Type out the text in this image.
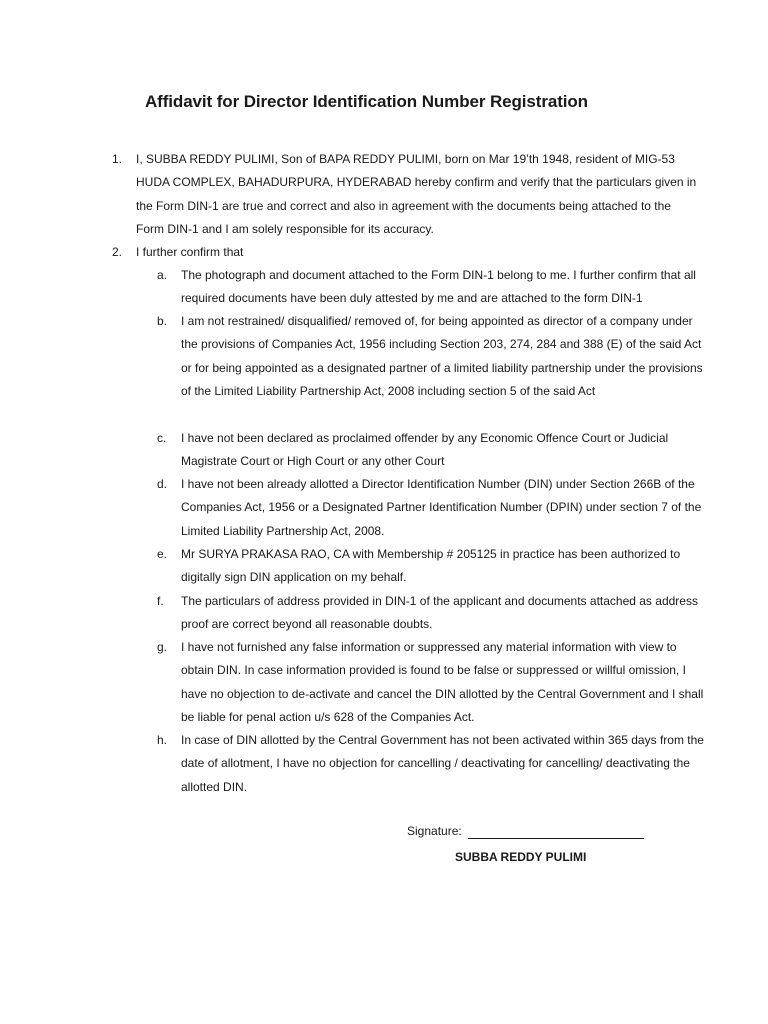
Affidavit for Director Identification Number Registration
1.	I, SUBBA REDDY PULIMI, Son of BAPA REDDY PULIMI, born on Mar 19’th 1948, resident of MIG-53 HUDA COMPLEX, BAHADURPURA, HYDERABAD hereby confirm and verify that the particulars given in the Form DIN-1 are true and correct and also in agreement with the documents being attached to the Form DIN-1 and I am solely responsible for its accuracy.
2.	I further confirm that
a.	The photograph and document attached to the Form DIN-1 belong to me. I further confirm that all required documents have been duly attested by me and are attached to the form DIN-1
b.	I am not restrained/ disqualified/ removed of, for being appointed as director of a company under the provisions of Companies Act, 1956 including Section 203, 274, 284 and 388 (E) of the said Act or for being appointed as a designated partner of a limited liability partnership under the provisions of the Limited Liability Partnership Act, 2008 including section 5 of the said Act
c.	I have not been declared as proclaimed offender by any Economic Offence Court or Judicial Magistrate Court or High Court or any other Court
d.	I have not been already allotted a Director Identification Number (DIN) under Section 266B of the Companies Act, 1956 or a Designated Partner Identification Number (DPIN) under section 7 of the Limited Liability Partnership Act, 2008.
e.	Mr SURYA PRAKASA RAO, CA with Membership # 205125 in practice has been authorized to digitally sign DIN application on my behalf.
f.	The particulars of address provided in DIN-1 of the applicant and documents attached as address proof are correct beyond all reasonable doubts.
g.	I have not furnished any false information or suppressed any material information with view to obtain DIN. In case information provided is found to be false or suppressed or willful omission, I have no objection to de-activate and cancel the DIN allotted by the Central Government and I shall be liable for penal action u/s 628 of the Companies Act.
h.	In case of DIN allotted by the Central Government has not been activated within 365 days from the date of allotment, I have no objection for cancelling / deactivating for cancelling/ deactivating the allotted DIN.
Signature:
SUBBA REDDY PULIMI
